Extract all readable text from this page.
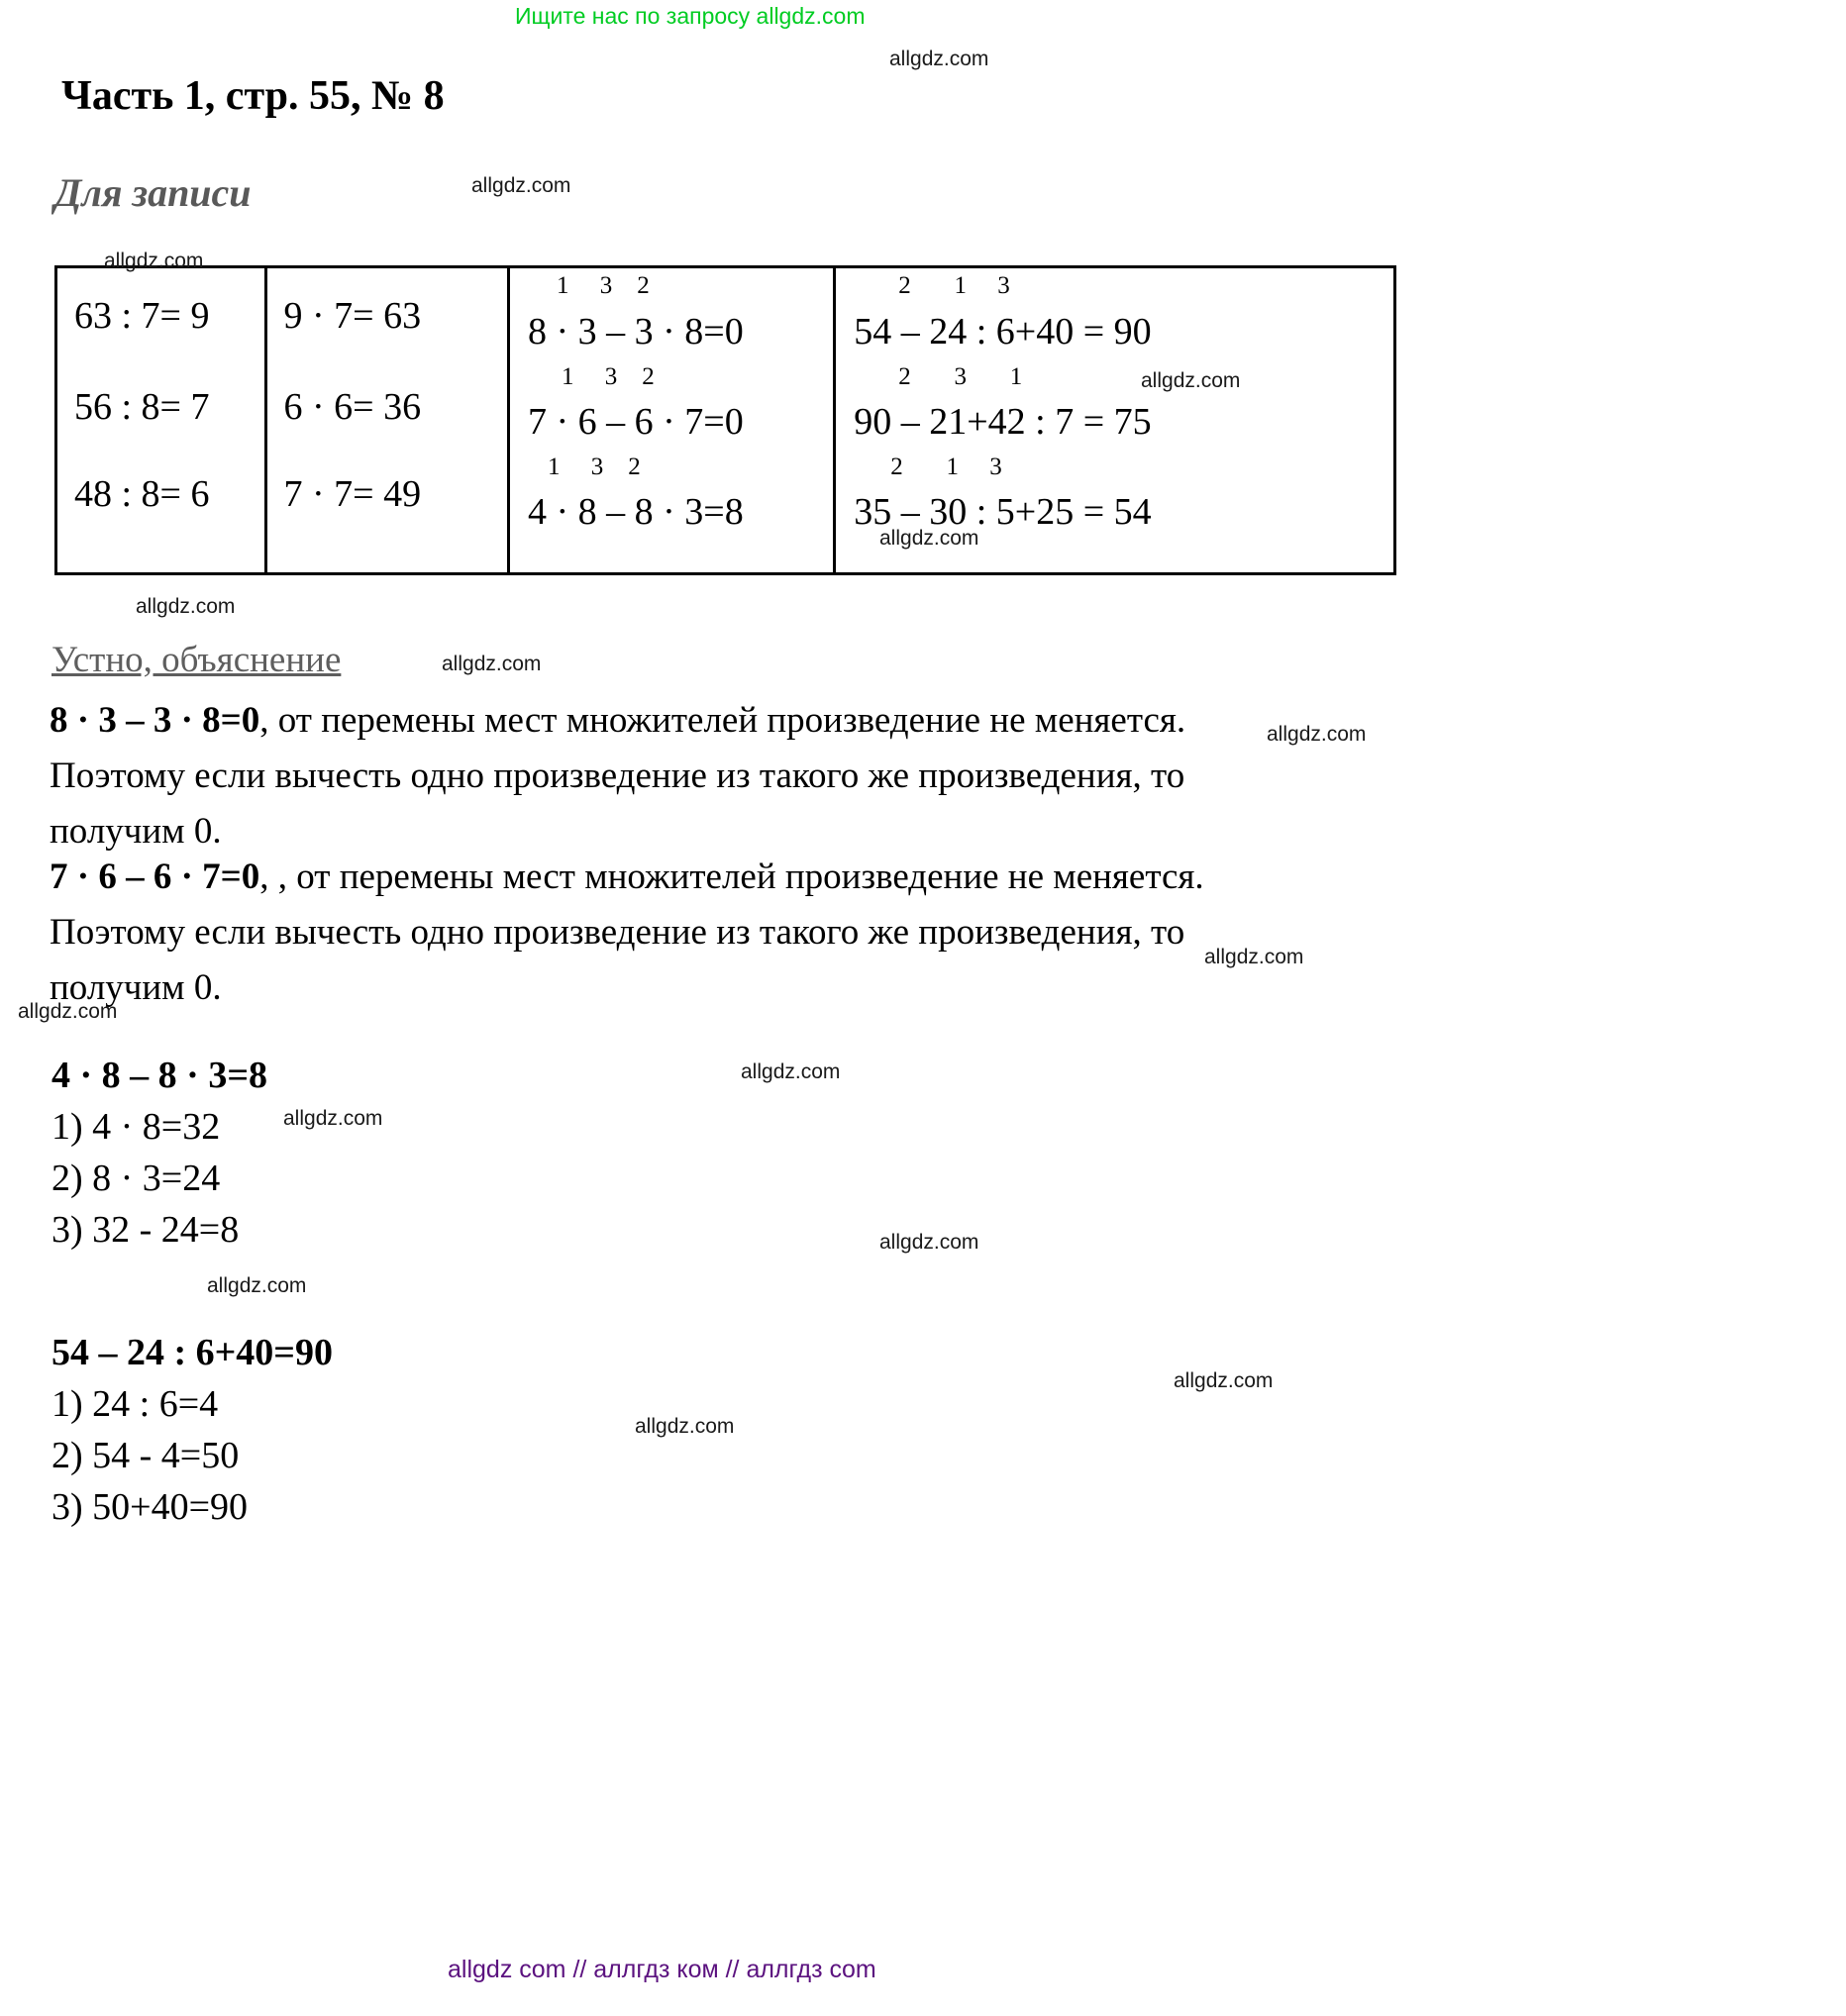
Ищите нас по запросу allgdz.com
Часть 1, стр. 55, № 8
Для записи
63 : 7= 9
56 : 8= 7
48 : 8= 6
9 · 7= 63
6 · 6= 36
7 · 7= 49
1     3    2
8 · 3 – 3 · 8=0
1     3    2
7 · 6 – 6 · 7=0
1     3    2
4 · 8 – 8 · 3=8
2       1     3
54 – 24 : 6+40 = 90
2       3       1
90 – 21+42 : 7 = 75
2       1     3
35 – 30 : 5+25 = 54
Устно, объяснение
8 · 3 – 3 · 8=0, от перемены мест множителей произведение не меняется. Поэтому если вычесть одно произведение из такого же произведения, то получим 0.
7 · 6 – 6 · 7=0, , от перемены мест множителей произведение не меняется. Поэтому если вычесть одно произведение из такого же произведения, то получим 0.
4 · 8 – 8 · 3=8
1) 4 · 8=32
2) 8 · 3=24
3) 32 - 24=8
54 – 24 : 6+40=90
1) 24 : 6=4
2) 54 - 4=50
3) 50+40=90
allgdz com // аллгдз ком // аллгдз com
allgdz.com
allgdz.com
allgdz.com
allgdz.com
allgdz.com
allgdz.com
allgdz.com
allgdz.com
allgdz.com
allgdz.com
allgdz.com
allgdz.com
allgdz.com
allgdz.com
allgdz.com
allgdz.com
